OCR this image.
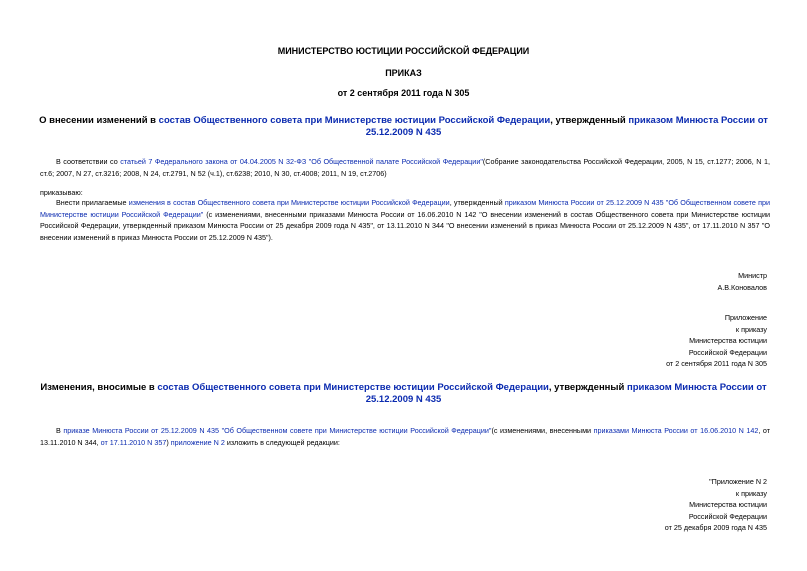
МИНИСТЕРСТВО ЮСТИЦИИ РОССИЙСКОЙ ФЕДЕРАЦИИ
ПРИКАЗ
от 2 сентября 2011 года N 305
О внесении изменений в состав Общественного совета при Министерстве юстиции Российской Федерации, утвержденный приказом Минюста России от 25.12.2009 N 435
В соответствии со статьей 7 Федерального закона от 04.04.2005 N 32-ФЗ "Об Общественной палате Российской Федерации"(Собрание законодательства Российской Федерации, 2005, N 15, ст.1277; 2006, N 1, ст.6; 2007, N 27, ст.3216; 2008, N 24, ст.2791, N 52 (ч.1), ст.6238; 2010, N 30, ст.4008; 2011, N 19, ст.2706)
приказываю:
Внести прилагаемые изменения в состав Общественного совета при Министерстве юстиции Российской Федерации, утвержденный приказом Минюста России от 25.12.2009 N 435 "Об Общественном совете при Министерстве юстиции Российской Федерации" (с изменениями, внесенными приказами Минюста России от 16.06.2010 N 142 "О внесении изменений в состав Общественного совета при Министерстве юстиции Российской Федерации, утвержденный приказом Минюста России от 25 декабря 2009 года N 435", от 13.11.2010 N 344 "О внесении изменений в приказ Минюста России от 25.12.2009 N 435", от 17.11.2010 N 357 "О внесении изменений в приказ Минюста России от 25.12.2009 N 435").
Министр
А.В.Коновалов
Приложение
к приказу
Министерства юстиции
Российской Федерации
от 2 сентября 2011 года N 305
Изменения, вносимые в состав Общественного совета при Министерстве юстиции Российской Федерации, утвержденный приказом Минюста России от 25.12.2009 N 435
В приказе Минюста России от 25.12.2009 N 435 "Об Общественном совете при Министерстве юстиции Российской Федерации"(с изменениями, внесенными приказами Минюста России от 16.06.2010 N 142, от 13.11.2010 N 344, от 17.11.2010 N 357) приложение N 2 изложить в следующей редакции:
"Приложение N 2
к приказу
Министерства юстиции
Российской Федерации
от 25 декабря 2009 года N 435
